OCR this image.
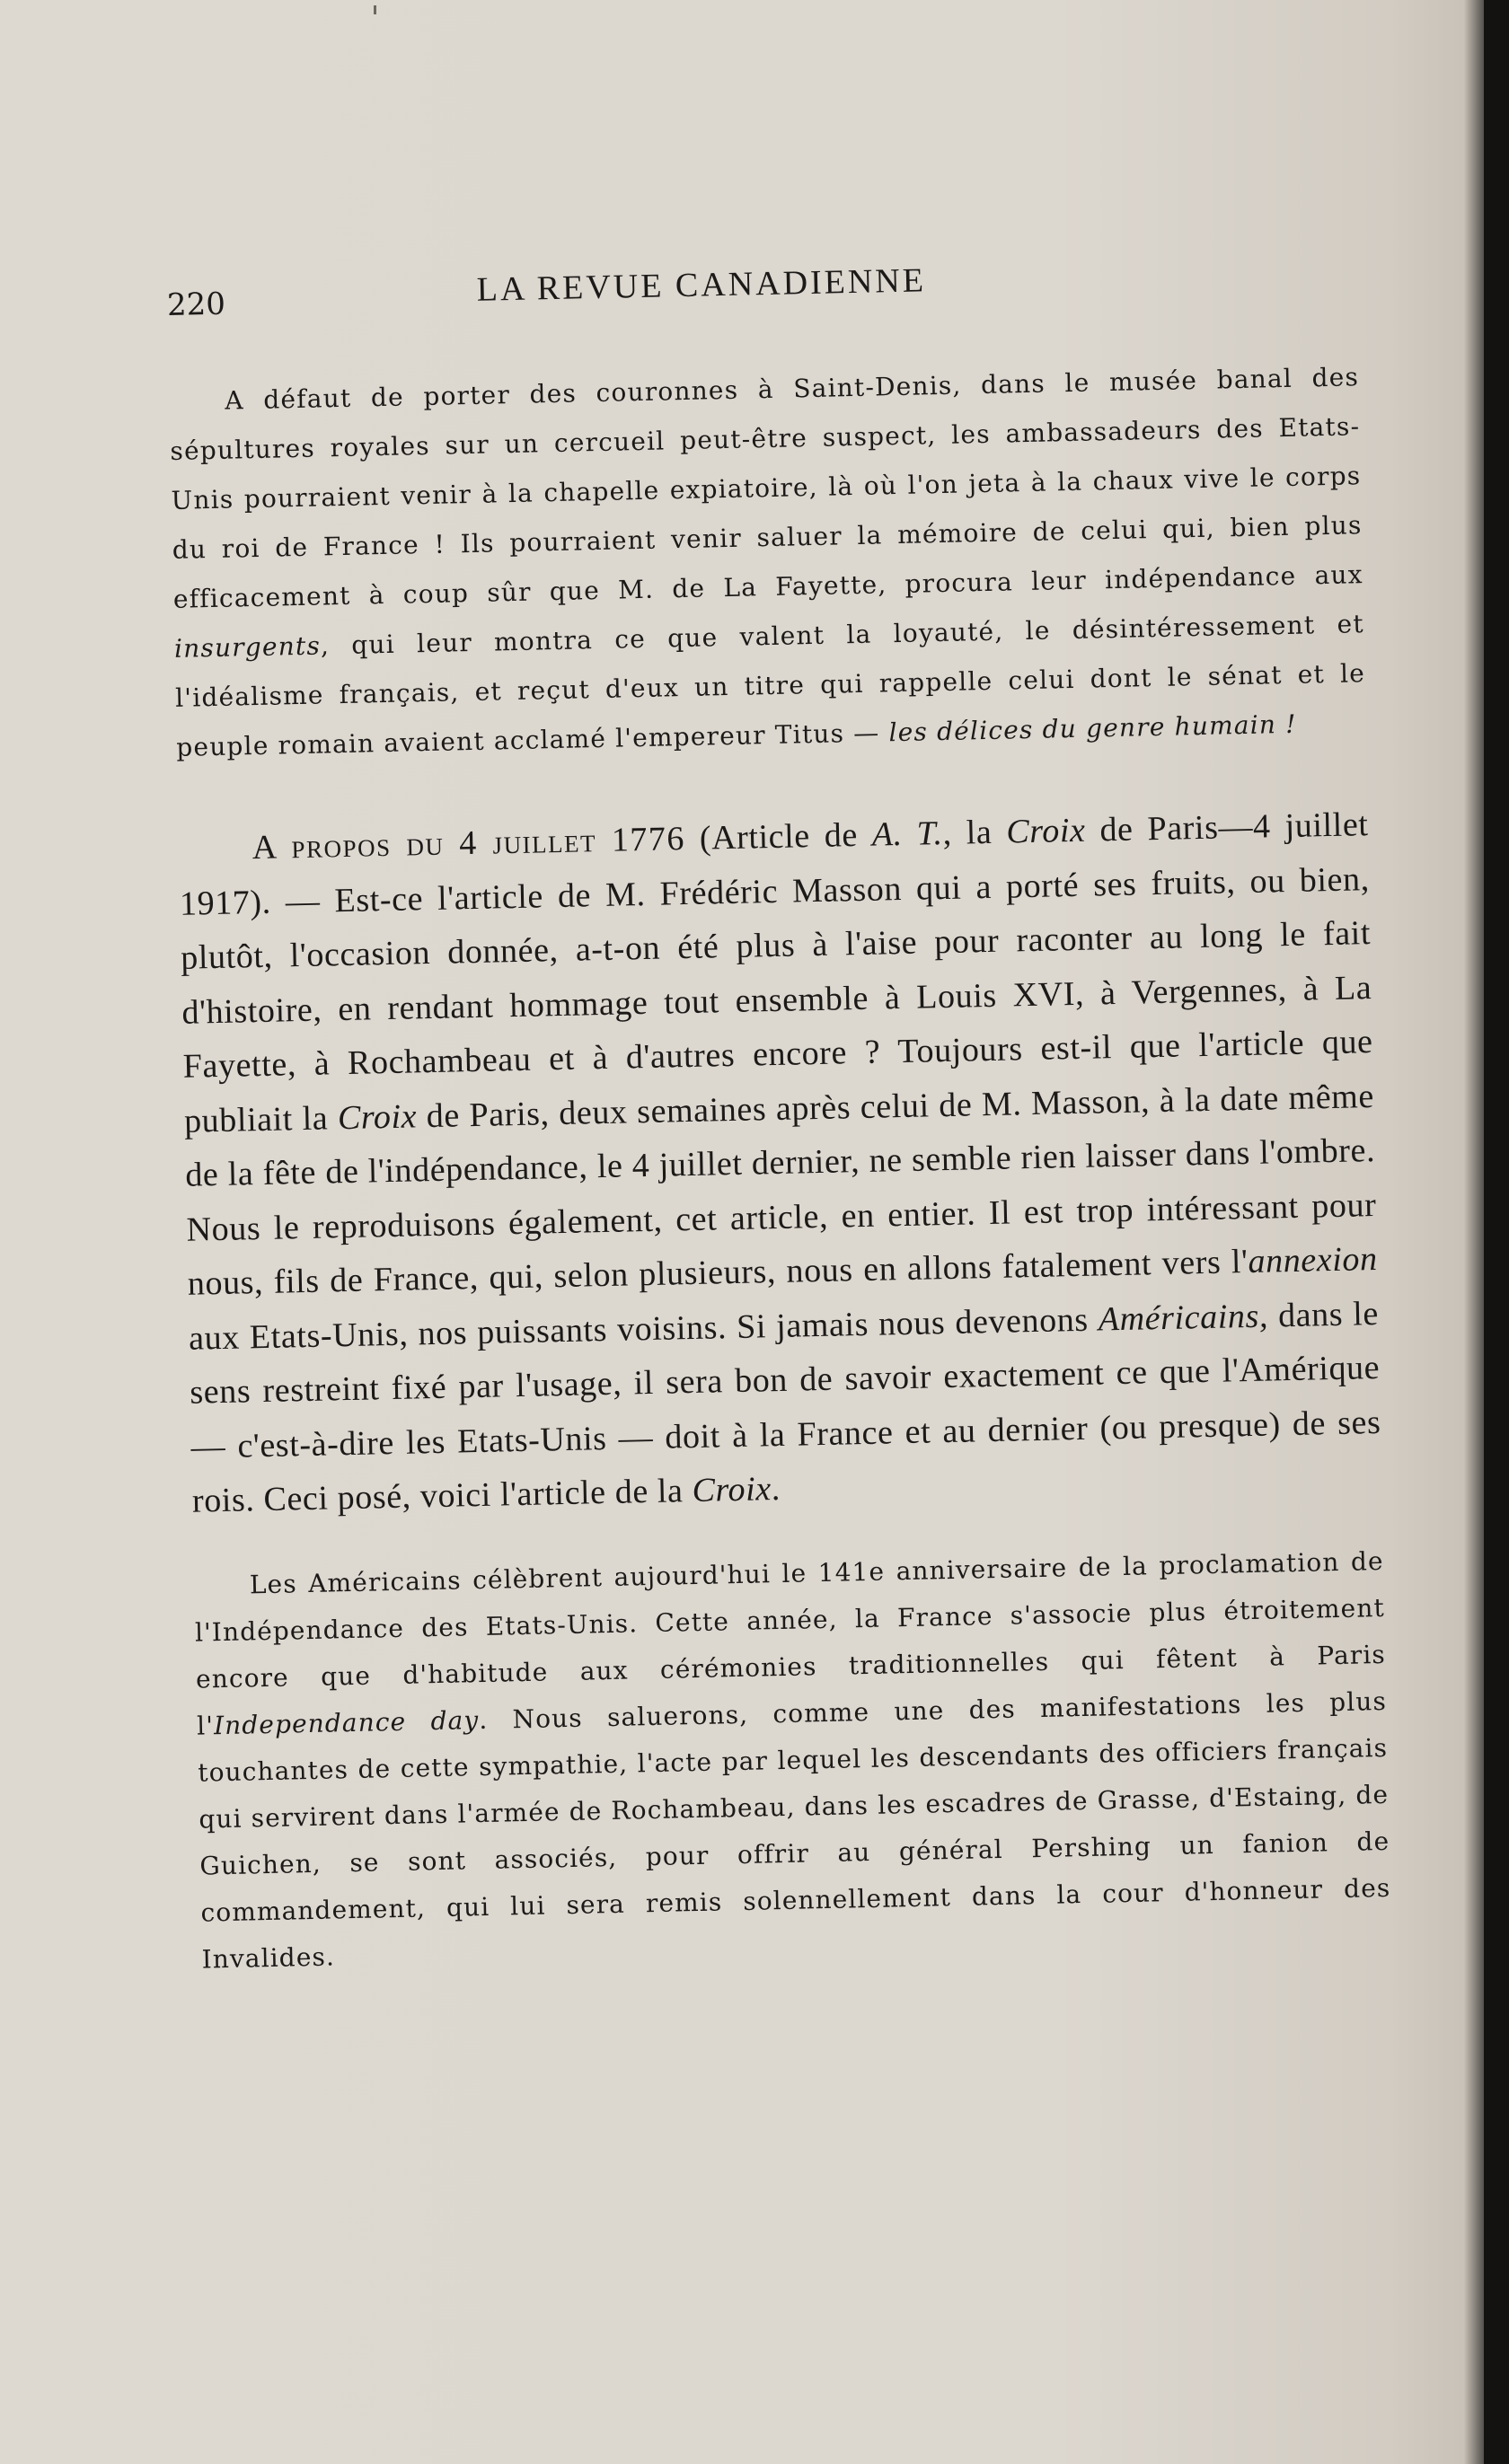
220	LA REVUE CANADIENNE

A défaut de porter des couronnes à Saint-Denis, dans le musée banal des sépultures royales sur un cercueil peut-être suspect, les ambassadeurs des Etats-Unis pourraient venir à la chapelle expiatoire, là où l'on jeta à la chaux vive le corps du roi de France ! Ils pourraient venir saluer la mémoire de celui qui, bien plus efficacement à coup sûr que M. de La Fayette, procura leur indépendance aux insurgents, qui leur montra ce que valent la loyauté, le désintéressement et l'idéalisme français, et reçut d'eux un titre qui rappelle celui dont le sénat et le peuple romain avaient acclamé l'empereur Titus — les délices du genre humain !

A propos du 4 juillet 1776 (Article de A. T., la Croix de Paris—4 juillet 1917). — Est-ce l'article de M. Frédéric Masson qui a porté ses fruits, ou bien, plutôt, l'occasion donnée, a-t-on été plus à l'aise pour raconter au long le fait d'histoire, en rendant hommage tout ensemble à Louis XVI, à Vergennes, à La Fayette, à Rochambeau et à d'autres encore ? Toujours est-il que l'article que publiait la Croix de Paris, deux semaines après celui de M. Masson, à la date même de la fête de l'indépendance, le 4 juillet dernier, ne semble rien laisser dans l'ombre. Nous le reproduisons également, cet article, en entier. Il est trop intéressant pour nous, fils de France, qui, selon plusieurs, nous en allons fatalement vers l'annexion aux Etats-Unis, nos puissants voisins. Si jamais nous devenons Américains, dans le sens restreint fixé par l'usage, il sera bon de savoir exactement ce que l'Amérique — c'est-à-dire les Etats-Unis — doit à la France et au dernier (ou presque) de ses rois. Ceci posé, voici l'article de la Croix.

Les Américains célèbrent aujourd'hui le 141e anniversaire de la proclamation de l'Indépendance des Etats-Unis. Cette année, la France s'associe plus étroitement encore que d'habitude aux cérémonies traditionnelles qui fêtent à Paris l'Independance day. Nous saluerons, comme une des manifestations les plus touchantes de cette sympathie, l'acte par lequel les descendants des officiers français qui servirent dans l'armée de Rochambeau, dans les escadres de Grasse, d'Estaing, de Guichen, se sont associés, pour offrir au général Pershing un fanion de commandement, qui lui sera remis solennellement dans la cour d'honneur des Invalides.
